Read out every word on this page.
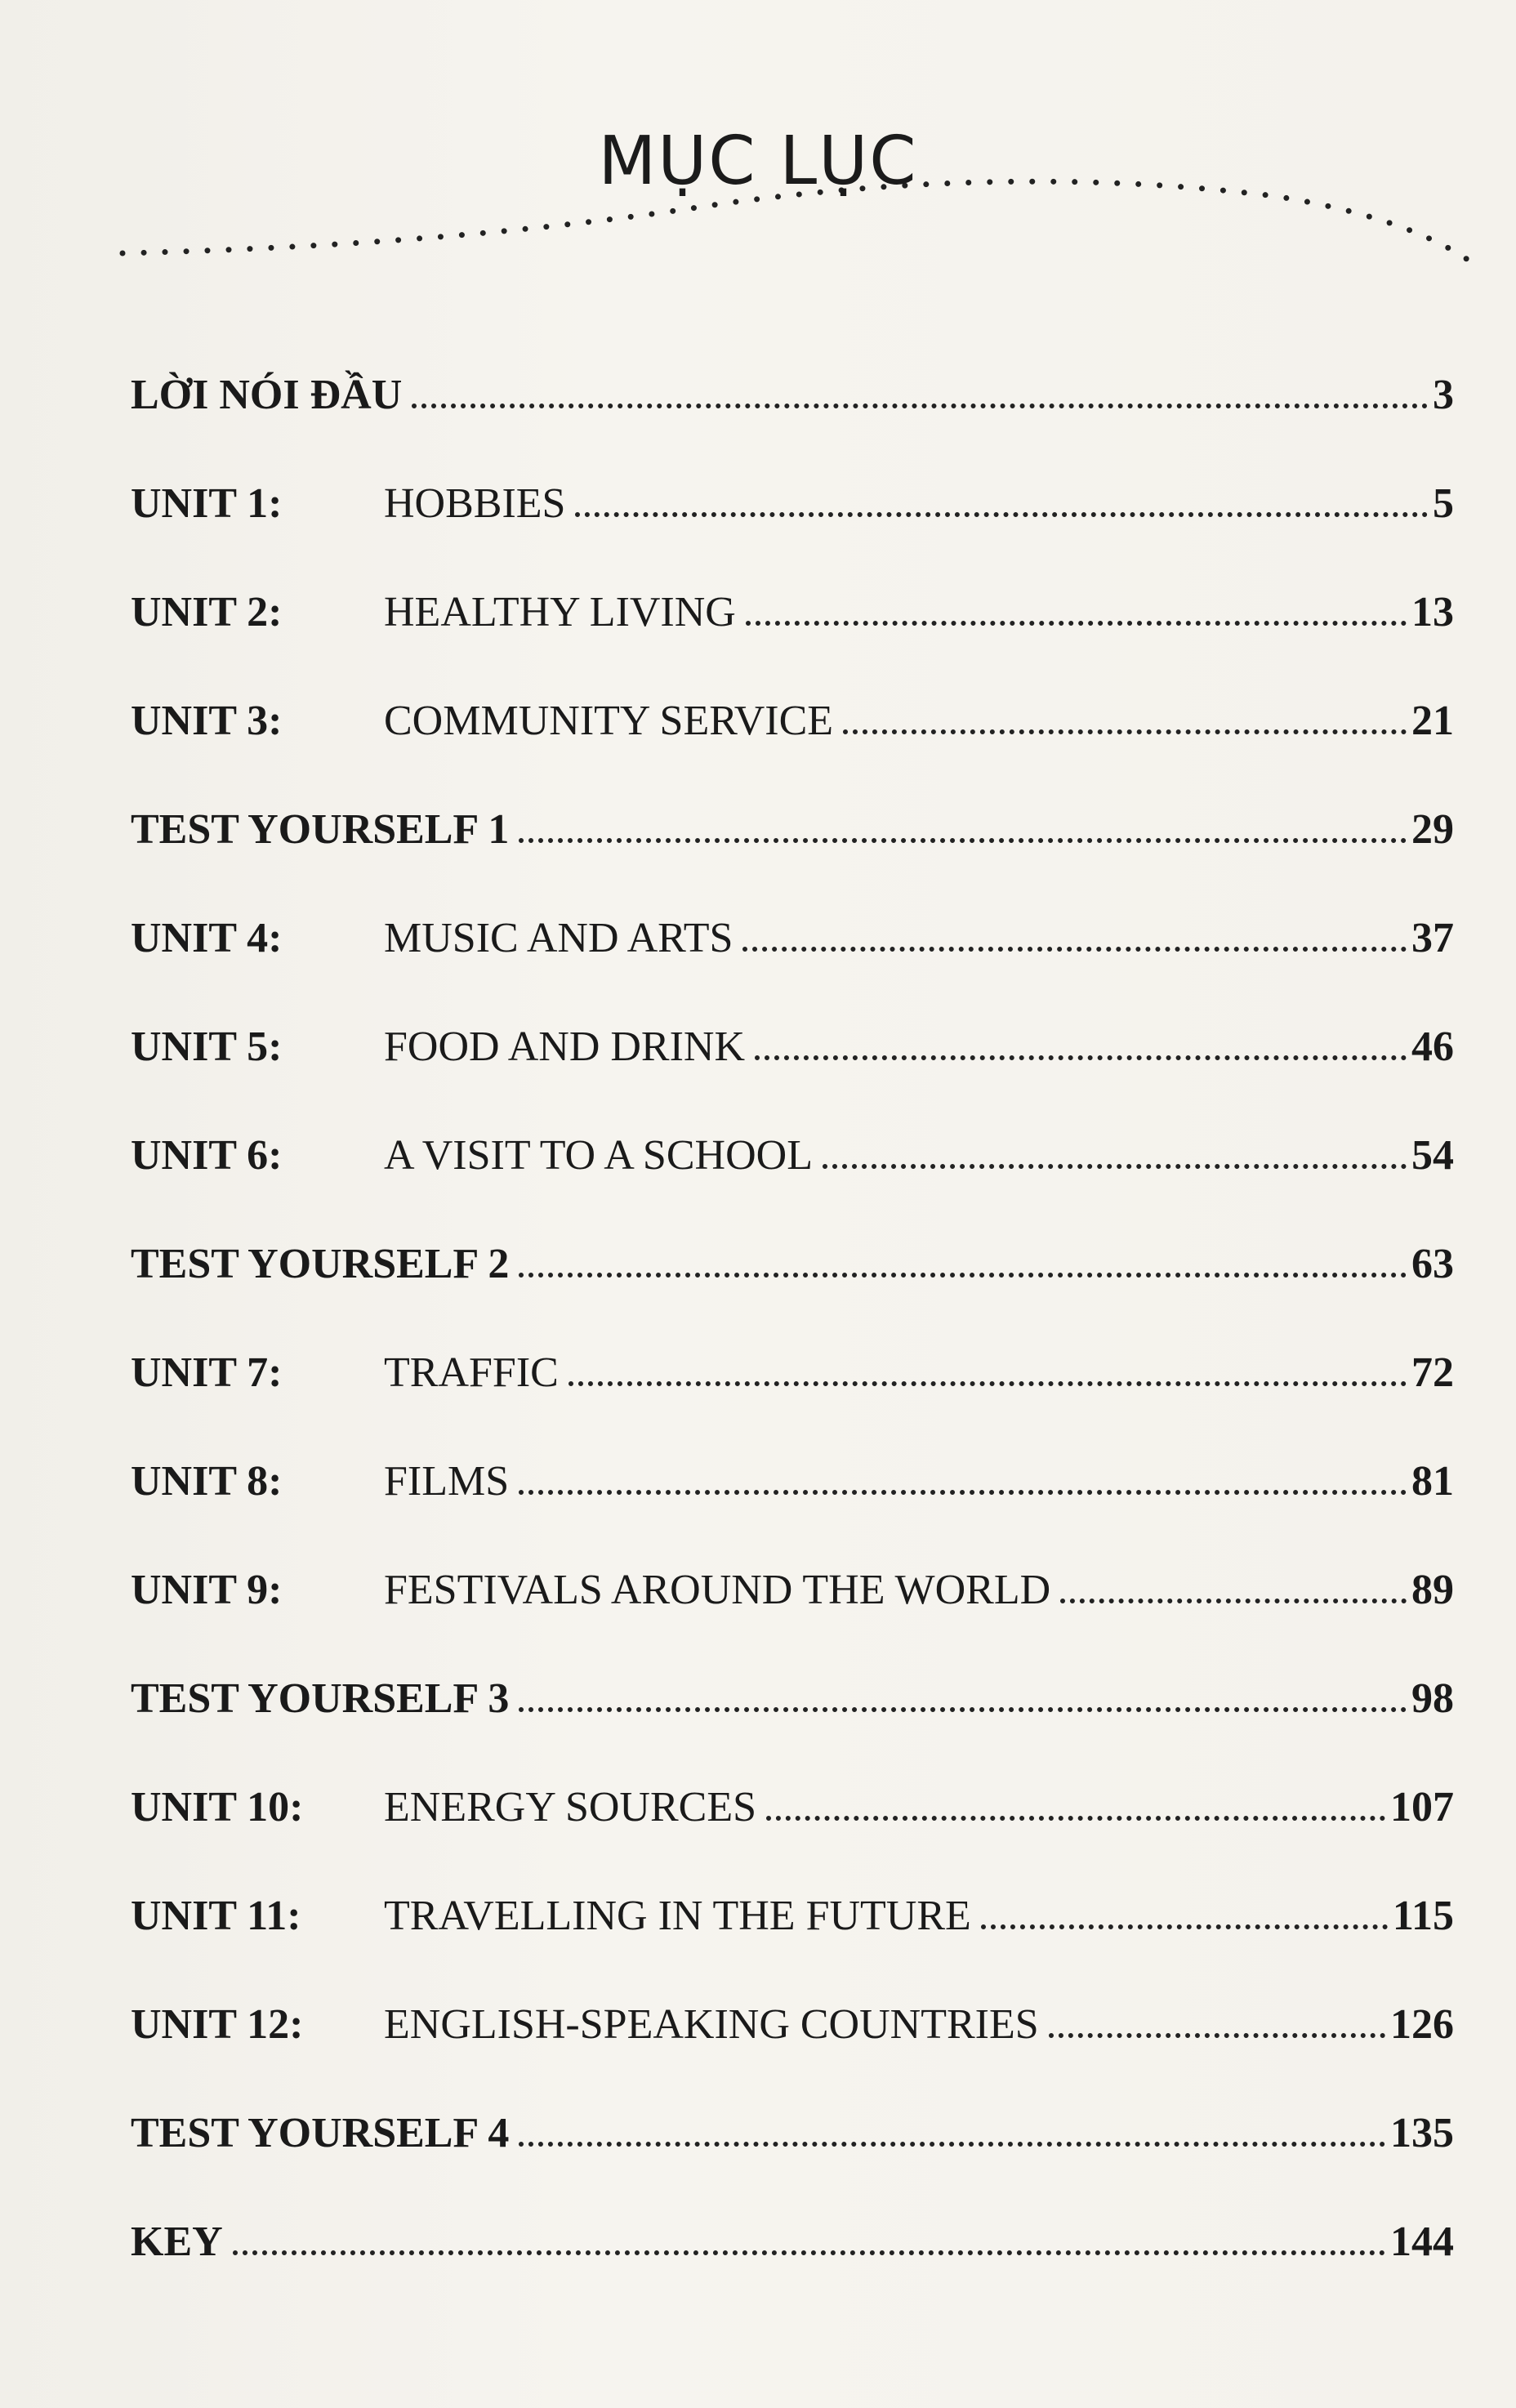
MỤC LỤC
LỜI NÓI ĐẦU	3
UNIT 1:	HOBBIES	5
UNIT 2:	HEALTHY LIVING	13
UNIT 3:	COMMUNITY SERVICE	21
TEST YOURSELF 1	29
UNIT 4:	MUSIC AND ARTS	37
UNIT 5:	FOOD AND DRINK	46
UNIT 6:	A VISIT TO A SCHOOL	54
TEST YOURSELF 2	63
UNIT 7:	TRAFFIC	72
UNIT 8:	FILMS	81
UNIT 9:	FESTIVALS AROUND THE WORLD	89
TEST YOURSELF 3	98
UNIT 10:	ENERGY SOURCES	107
UNIT 11:	TRAVELLING IN THE FUTURE	115
UNIT 12:	ENGLISH-SPEAKING COUNTRIES	126
TEST YOURSELF 4	135
KEY	144
